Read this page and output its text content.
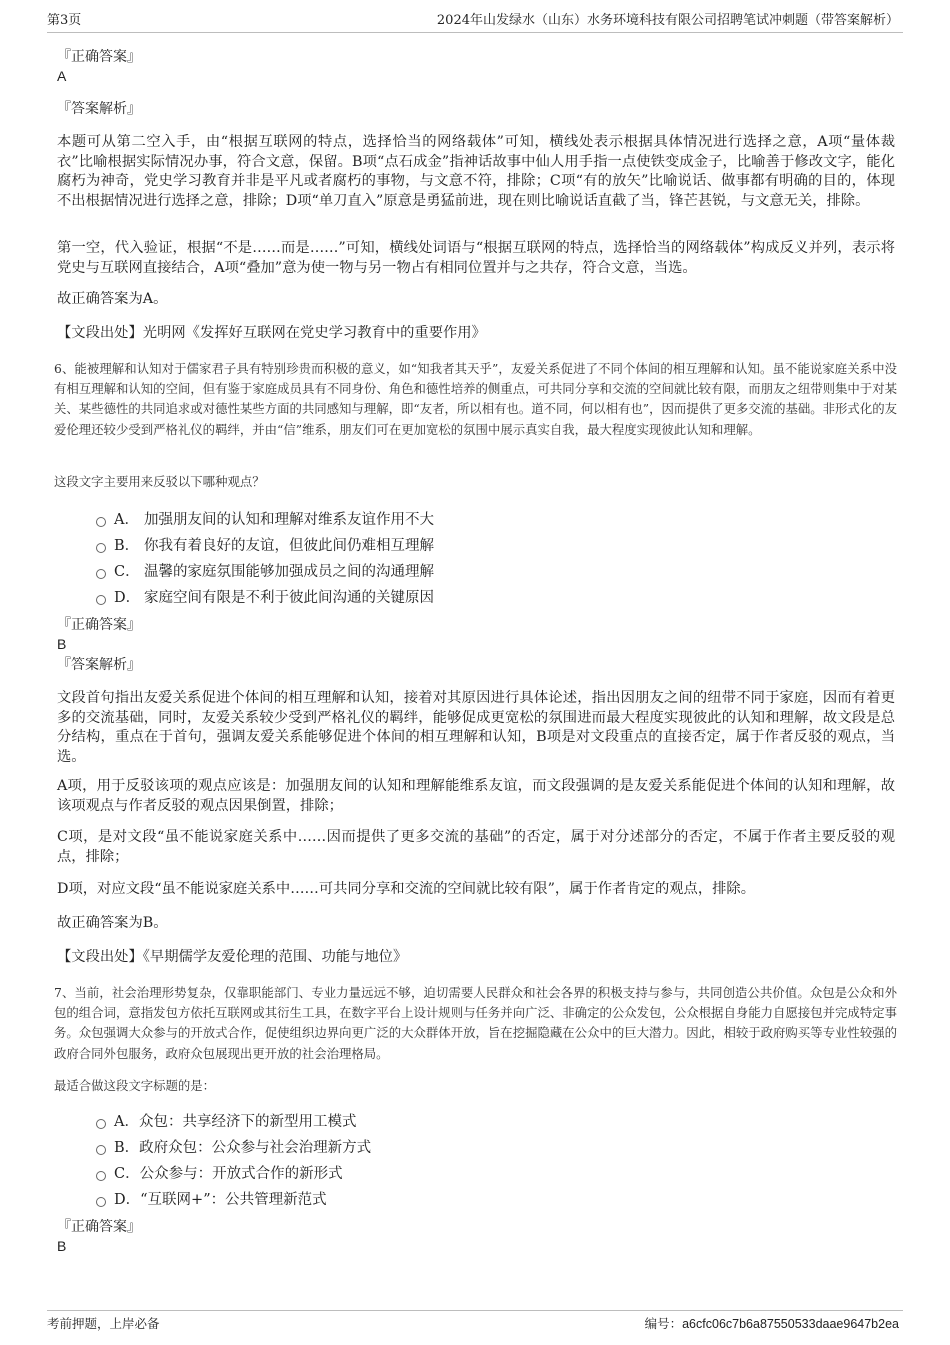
第3页	2024年山发绿水（山东）水务环境科技有限公司招聘笔试冲刺题（带答案解析）
『正确答案』
A
『答案解析』
本题可从第二空入手，由“根据互联网的特点，选择恰当的网络载体”可知，横线处表示根据具体情况进行选择之意，A项“量体裁衣”比喻根据实际情况办事，符合文意，保留。B项“点石成金”指神话故事中仙人用手指一点使铁变成金子，比喻善于修改文字，能化腐朽为神奇，党史学习教育并非是平凡或者腐朽的事物，与文意不符，排除；C项“有的放矢”比喻说话、做事都有明确的目的，体现不出根据情况进行选择之意，排除；D项“单刀直入”原意是勇猛前进，现在则比喻说话直截了当，锋芒甚锐，与文意无关，排除。
第一空，代入验证，根据“不是……而是……”可知，横线处词语与“根据互联网的特点，选择恰当的网络载体”构成反义并列，表示将党史与互联网直接结合，A项“叠加”意为使一物与另一物占有相同位置并与之共存，符合文意，当选。
故正确答案为A。
【文段出处】光明网《发挥好互联网在党史学习教育中的重要作用》
6、能被理解和认知对于儒家君子具有特别珍贵而积极的意义，如“知我者其天乎”，友爱关系促进了不同个体间的相互理解和认知。虽不能说家庭关系中没有相互理解和认知的空间，但有鉴于家庭成员具有不同身份、角色和德性培养的侧重点，可共同分享和交流的空间就比较有限，而朋友之纽带则集中于对某关、某些德性的共同追求或对德性某些方面的共同感知与理解，即“友者，所以相有也。道不同，何以相有也”，因而提供了更多交流的基础。非形式化的友爱伦理还较少受到严格礼仪的羁绊，并由“信”维系，朋友们可在更加宽松的氛围中展示真实自我，最大程度实现彼此认知和理解。
这段文字主要用来反驳以下哪种观点？
A． 加强朋友间的认知和理解对维系友谊作用不大
B． 你我有着良好的友谊，但彼此间仍难相互理解
C． 温馨的家庭氛围能够加强成员之间的沟通理解
D． 家庭空间有限是不利于彼此间沟通的关键原因
『正确答案』
B
『答案解析』
文段首句指出友爱关系促进个体间的相互理解和认知，接着对其原因进行具体论述，指出因朋友之间的纽带不同于家庭，因而有着更多的交流基础，同时，友爱关系较少受到严格礼仪的羁绊，能够促成更宽松的氛围进而最大程度实现彼此的认知和理解，故文段是总分结构，重点在于首句，强调友爱关系能够促进个体间的相互理解和认知，B项是对文段重点的直接否定，属于作者反驳的观点，当选。
A项，用于反驳该项的观点应该是：加强朋友间的认知和理解能维系友谊，而文段强调的是友爱关系能促进个体间的认知和理解，故该项观点与作者反驳的观点因果倒置，排除；
C项，是对文段“虽不能说家庭关系中……因而提供了更多交流的基础”的否定，属于对分述部分的否定，不属于作者主要反驳的观点，排除；
D项，对应文段“虽不能说家庭关系中……可共同分享和交流的空间就比较有限”，属于作者肯定的观点，排除。
故正确答案为B。
【文段出处】《早期儒学友爱伦理的范围、功能与地位》
7、当前，社会治理形势复杂，仅靠职能部门、专业力量远远不够，迫切需要人民群众和社会各界的积极支持与参与，共同创造公共价值。众包是公众和外包的组合词，意指发包方依托互联网或其衍生工具，在数字平台上设计规则与任务并向广泛、非确定的公众发包，公众根据自身能力自愿接包并完成特定事务。众包强调大众参与的开放式合作，促使组织边界向更广泛的大众群体开放，旨在挖掘隐藏在公众中的巨大潜力。因此，相较于政府购买等专业性较强的政府合同外包服务，政府众包展现出更开放的社会治理格局。
最适合做这段文字标题的是：
A．众包：共享经济下的新型用工模式
B．政府众包：公众参与社会治理新方式
C．公众参与：开放式合作的新形式
D．“互联网+”：公共管理新范式
『正确答案』
B
考前押题，上岸必备	编号：a6cfc06c7b6a87550533daae9647b2ea
